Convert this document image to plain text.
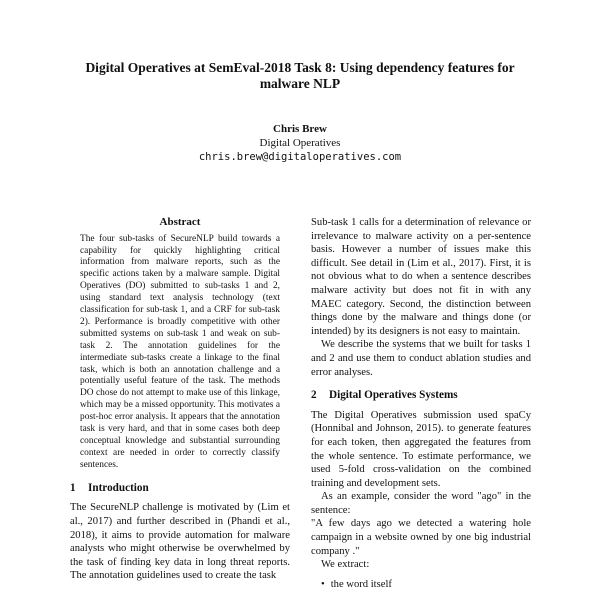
Digital Operatives at SemEval-2018 Task 8: Using dependency features for malware NLP
Chris Brew
Digital Operatives
chris.brew@digitaloperatives.com
Abstract

The four sub-tasks of SecureNLP build towards a capability for quickly highlighting critical information from malware reports, such as the specific actions taken by a malware sample. Digital Operatives (DO) submitted to sub-tasks 1 and 2, using standard text analysis technology (text classification for sub-task 1, and a CRF for sub-task 2). Performance is broadly competitive with other submitted systems on sub-task 1 and weak on sub-task 2. The annotation guidelines for the intermediate sub-tasks create a linkage to the final task, which is both an annotation challenge and a potentially useful feature of the task. The methods DO chose do not attempt to make use of this linkage, which may be a missed opportunity. This motivates a post-hoc error analysis. It appears that the annotation task is very hard, and that in some cases both deep conceptual knowledge and substantial surrounding context are needed in order to correctly classify sentences.

1 Introduction

The SecureNLP challenge is motivated by (Lim et al., 2017) and further described in (Phandi et al., 2018), it aims to provide automation for malware analysts who might otherwise be overwhelmed by the task of finding key data in long threat reports. The annotation guidelines used to create the task

Sub-task 1 calls for a determination of relevance or irrelevance to malware activity on a per-sentence basis. However a number of issues make this difficult. See detail in (Lim et al., 2017). First, it is not obvious what to do when a sentence describes malware activity but does not fit in with any MAEC category. Second, the distinction between things done by the malware and things done (or intended) by its designers is not easy to maintain.

We describe the systems that we built for tasks 1 and 2 and use them to conduct ablation studies and error analyses.

2 Digital Operatives Systems

The Digital Operatives submission used spaCy (Honnibal and Johnson, 2015). to generate features for each token, then aggregated the features from the whole sentence. To estimate performance, we used 5-fold cross-validation on the combined training and development sets.

As an example, consider the word "ago" in the sentence:

"A few days ago we detected a watering hole campaign in a website owned by one big industrial company ."

We extract:

• the word itself
